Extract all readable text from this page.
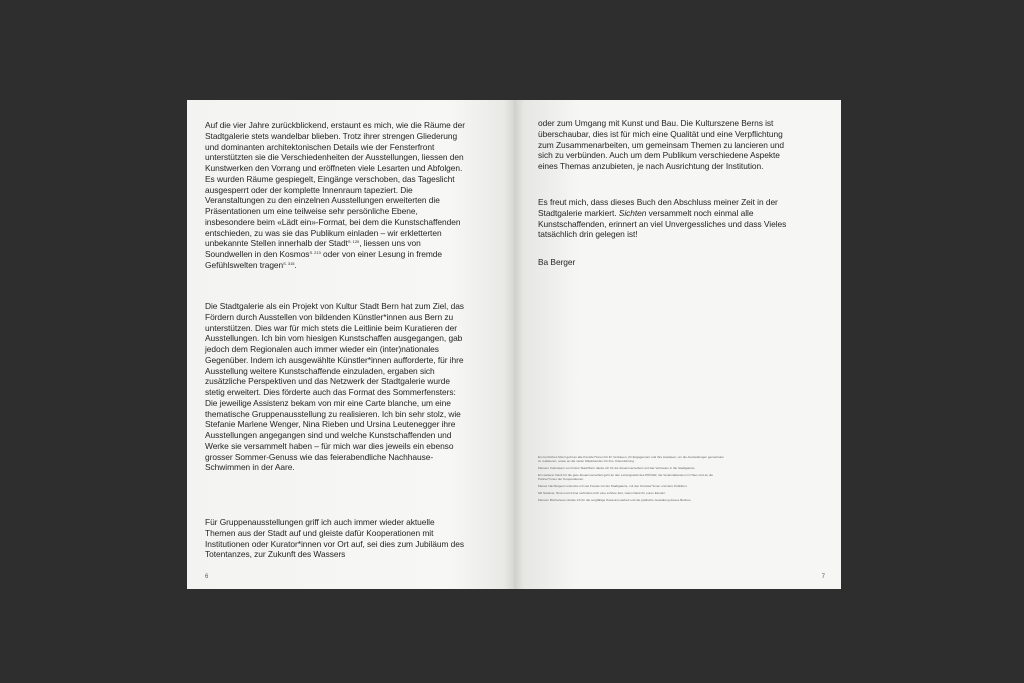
Auf die vier Jahre zurückblickend, erstaunt es mich, wie die Räume der Stadtgalerie stets wandelbar blieben. Trotz ihrer strengen Gliederung und dominanten architektonischen Details wie der Fensterfront unterstützten sie die Verschiedenheiten der Ausstellungen, liessen den Kunstwerken den Vorrang und eröffneten viele Lesarten und Abfolgen. Es wurden Räume gespiegelt, Eingänge verschoben, das Tageslicht ausgesperrt oder der komplette Innenraum tapeziert. Die Veranstaltungen zu den einzelnen Ausstellungen erweiterten die Präsentationen um eine teilweise sehr persönliche Ebene, insbesondere beim «Lädt ein»-Format, bei dem die Kunstschaffenden entschieden, zu was sie das Publikum einladen – wir erkletterten unbekannte Stellen innerhalb der Stadt$^{S. 120}$, liessen uns von Soundwellen in den Kosmos$^{S. 213}$ oder von einer Lesung in fremde Gefühlswelten tragen$^{S. 315}$.

Die Stadtgalerie als ein Projekt von Kultur Stadt Bern hat zum Ziel, das Fördern durch Ausstellen von bildenden Künstler*innen aus Bern zu unterstützen. Dies war für mich stets die Leitlinie beim Kuratieren der Ausstellungen. Ich bin vom hiesigen Kunstschaffen ausgegangen, gab jedoch dem Regionalen auch immer wieder ein (inter)nationales Gegenüber. Indem ich ausgewählte Künstler*innen aufforderte, für ihre Ausstellung weitere Kunstschaffende einzuladen, ergaben sich zusätzliche Perspektiven und das Netzwerk der Stadtgalerie wurde stetig erweitert. Dies förderte auch das Format des Sommerfensters: Die jeweilige Assistenz bekam von mir eine Carte blanche, um eine thematische Gruppenausstellung zu realisieren. Ich bin sehr stolz, wie Stefanie Marlene Wenger, Nina Rieben und Ursina Leutenegger ihre Ausstellungen angegangen sind und welche Kunstschaffenden und Werke sie versammelt haben – für mich war dies jeweils ein ebenso grosser Sommer-Genuss wie das feierabendliche Nachhause-Schwimmen in der Aare.

Für Gruppenausstellungen griff ich auch immer wieder aktuelle Themen aus der Stadt auf und gleiste dafür Kooperationen mit Institutionen oder Kurator*innen vor Ort auf, sei dies zum Jubiläum des Totentanzes, zur Zukunft des Wassers

6

oder zum Umgang mit Kunst und Bau. Die Kulturszene Berns ist überschaubar, dies ist für mich eine Qualität und eine Verpflichtung zum Zusammenarbeiten, um gemeinsam Themen zu lancieren und sich zu verbünden. Auch um dem Publikum verschiedene Aspekte eines Themas anzubieten, je nach Ausrichtung der Institution.

Es freut mich, dass dieses Buch den Abschluss meiner Zeit in der Stadtgalerie markiert. Sichten versammelt noch einmal alle Kunstschaffenden, erinnert an viel Unvergessliches und dass Vieles tatsächlich drin gelegen ist!

Ba Berger

Ein herzliches Merci geht an alle Künstler*innen für ihr Vertrauen, ihr Engagement und ihre Ausdauer, um die Ausstellungen gemeinsam zu realisieren, sowie an die vielen Mitwirkenden für ihre Unterstützung.

Meinem Kulturteam von Kultur Stadt Bern danke ich für die Zusammenarbeit und das Vertrauen in die Stadtgalerie.

Ein weiterer Dank für die gute Zusammenarbeit geht an den Leitungsstab des PROGR, die Veranstaltenden im Haus und an die Partner*innen der Kooperationen.

Meiner Nachfolgerin wünsche ich viel Freude mit der Stadtgalerie, mit den Künstler*innen und dem Publikum.

Mit Stefanie, Nina und Ursina verbindet mich eine schöne Zeit, vielen Dank für euren Einsatz.

Meinem Bücherteam danke ich für die sorgfältige Zusammenarbeit und die grafische Gestaltung dieses Buches.

7
